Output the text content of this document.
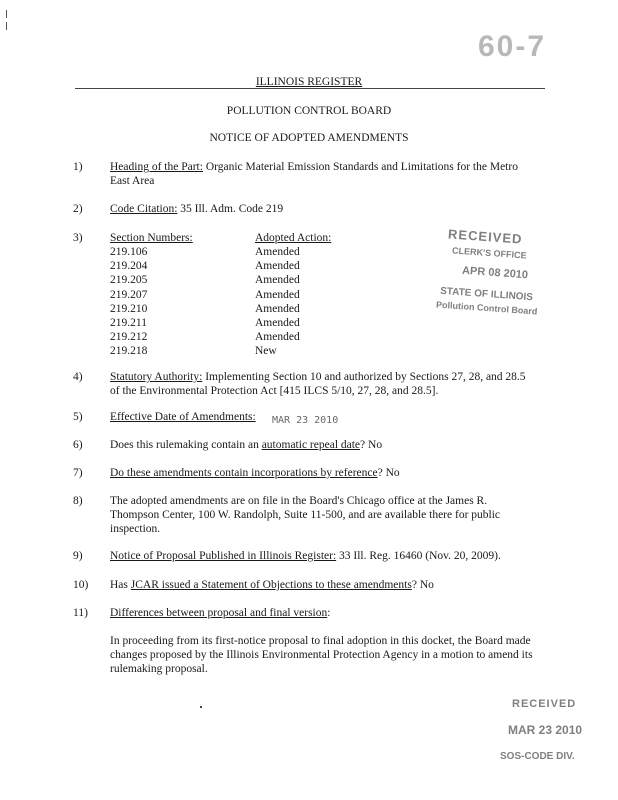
60-7
ILLINOIS REGISTER
POLLUTION CONTROL BOARD
NOTICE OF ADOPTED AMENDMENTS
1) Heading of the Part: Organic Material Emission Standards and Limitations for the Metro East Area
2) Code Citation: 35 Ill. Adm. Code 219
3) Section Numbers:	Adopted Action:
219.106	Amended
219.204	Amended
219.205	Amended
219.207	Amended
219.210	Amended
219.211	Amended
219.212	Amended
219.218	New
RECEIVED
CLERK'S OFFICE
APR 08 2010
STATE OF ILLINOIS
Pollution Control Board
4) Statutory Authority: Implementing Section 10 and authorized by Sections 27, 28, and 28.5 of the Environmental Protection Act [415 ILCS 5/10, 27, 28, and 28.5].
5) Effective Date of Amendments: MAR 23 2010
6) Does this rulemaking contain an automatic repeal date? No
7) Do these amendments contain incorporations by reference? No
8) The adopted amendments are on file in the Board's Chicago office at the James R. Thompson Center, 100 W. Randolph, Suite 11-500, and are available there for public inspection.
9) Notice of Proposal Published in Illinois Register: 33 Ill. Reg. 16460 (Nov. 20, 2009).
10) Has JCAR issued a Statement of Objections to these amendments? No
11) Differences between proposal and final version:
In proceeding from its first-notice proposal to final adoption in this docket, the Board made changes proposed by the Illinois Environmental Protection Agency in a motion to amend its rulemaking proposal.
RECEIVED
MAR 23 2010
SOS-CODE DIV.
